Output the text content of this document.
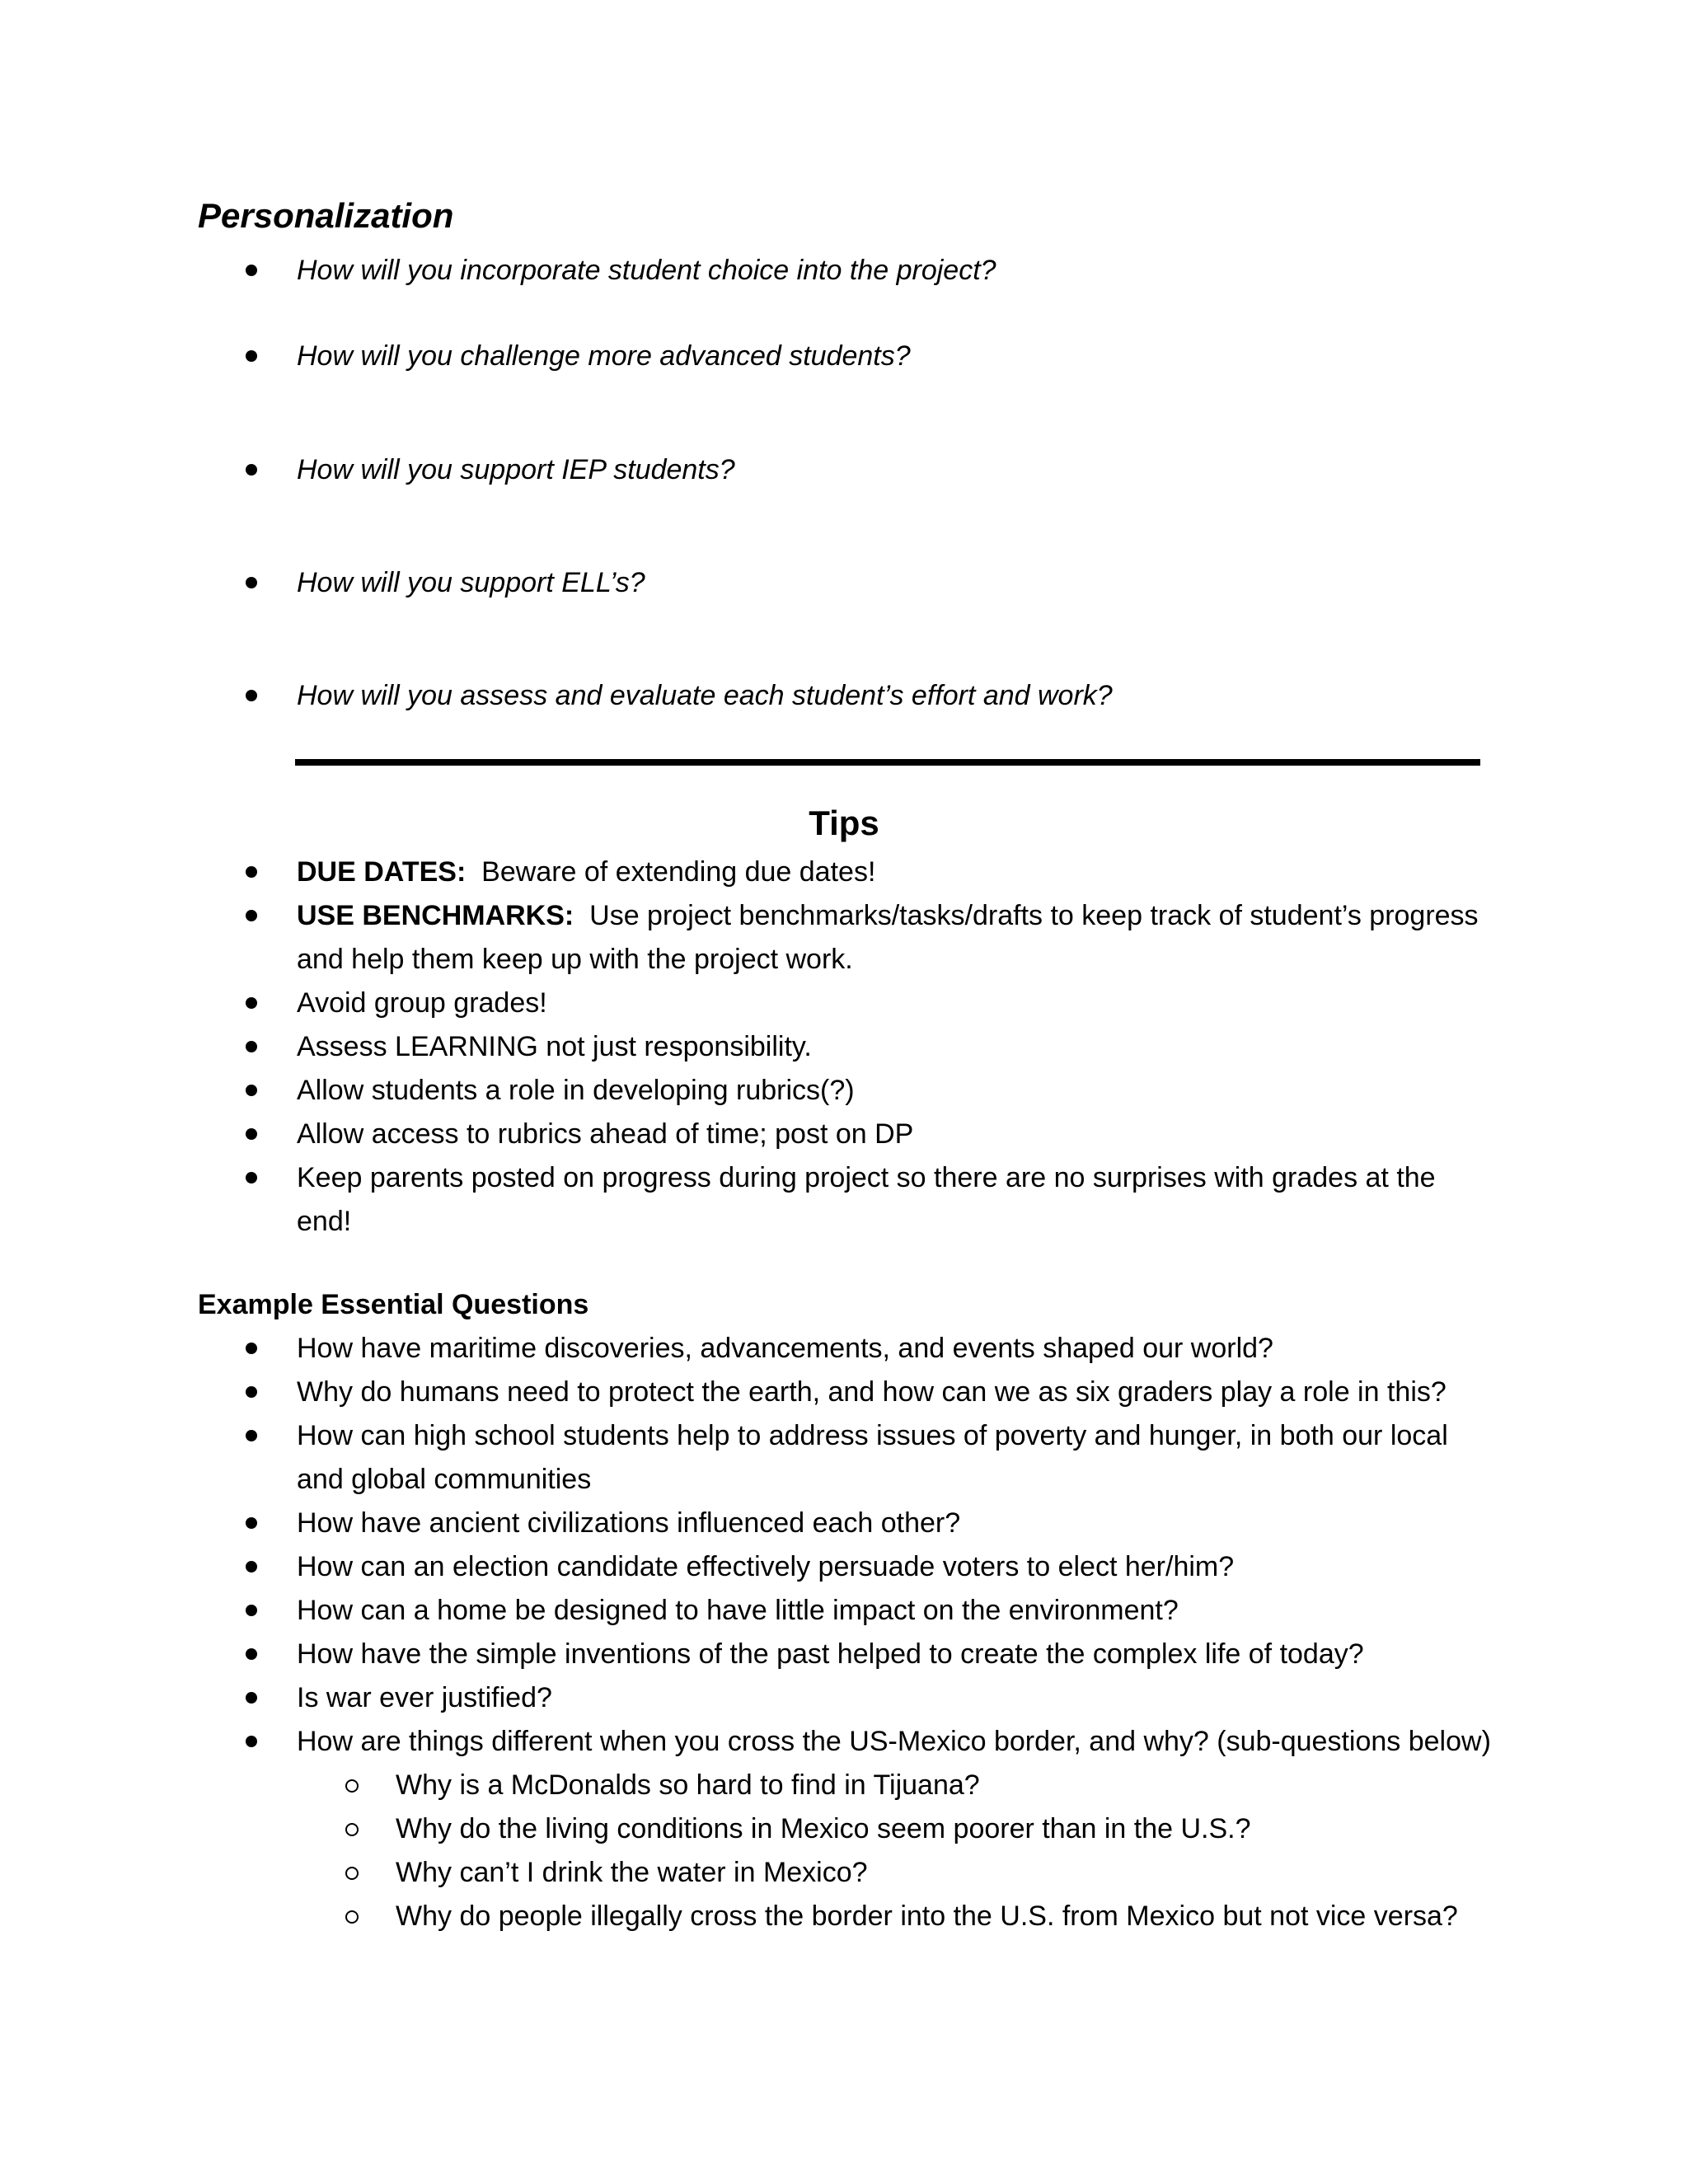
Personalization
How will you incorporate student choice into the project?
How will you challenge more advanced students?
How will you support IEP students?
How will you support ELL’s?
How will you assess and evaluate each student’s effort and work?
Tips
DUE DATES: Beware of extending due dates!
USE BENCHMARKS: Use project benchmarks/tasks/drafts to keep track of student’s progress and help them keep up with the project work.
Avoid group grades!
Assess LEARNING not just responsibility.
Allow students a role in developing rubrics(?)
Allow access to rubrics ahead of time; post on DP
Keep parents posted on progress during project so there are no surprises with grades at the end!
Example Essential Questions
How have maritime discoveries, advancements, and events shaped our world?
Why do humans need to protect the earth, and how can we as six graders play a role in this?
How can high school students help to address issues of poverty and hunger, in both our local and global communities
How have ancient civilizations influenced each other?
How can an election candidate effectively persuade voters to elect her/him?
How can a home be designed to have little impact on the environment?
How have the simple inventions of the past helped to create the complex life of today?
Is war ever justified?
How are things different when you cross the US-Mexico border, and why? (sub-questions below)
Why is a McDonalds so hard to find in Tijuana?
Why do the living conditions in Mexico seem poorer than in the U.S.?
Why can’t I drink the water in Mexico?
Why do people illegally cross the border into the U.S. from Mexico but not vice versa?
